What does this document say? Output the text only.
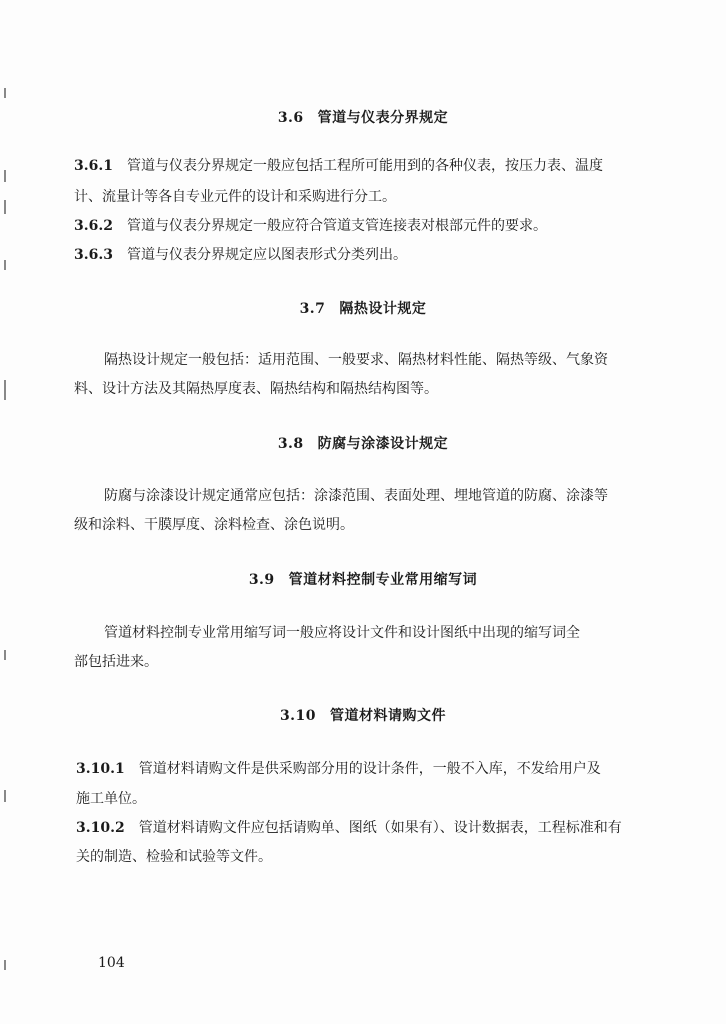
3.6 管道与仪表分界规定
3.6.1 管道与仪表分界规定一般应包括工程所可能用到的各种仪表，按压力表、温度
计、流量计等各自专业元件的设计和采购进行分工。
3.6.2 管道与仪表分界规定一般应符合管道支管连接表对根部元件的要求。
3.6.3 管道与仪表分界规定应以图表形式分类列出。
3.7 隔热设计规定
隔热设计规定一般包括：适用范围、一般要求、隔热材料性能、隔热等级、气象资
料、设计方法及其隔热厚度表、隔热结构和隔热结构图等。
3.8 防腐与涂漆设计规定
防腐与涂漆设计规定通常应包括：涂漆范围、表面处理、埋地管道的防腐、涂漆等
级和涂料、干膜厚度、涂料检查、涂色说明。
3.9 管道材料控制专业常用缩写词
管道材料控制专业常用缩写词一般应将设计文件和设计图纸中出现的缩写词全
部包括进来。
3.10 管道材料请购文件
3.10.1 管道材料请购文件是供采购部分用的设计条件，一般不入库，不发给用户及
施工单位。
3.10.2 管道材料请购文件应包括请购单、图纸（如果有）、设计数据表，工程标准和有
关的制造、检验和试验等文件。
104
